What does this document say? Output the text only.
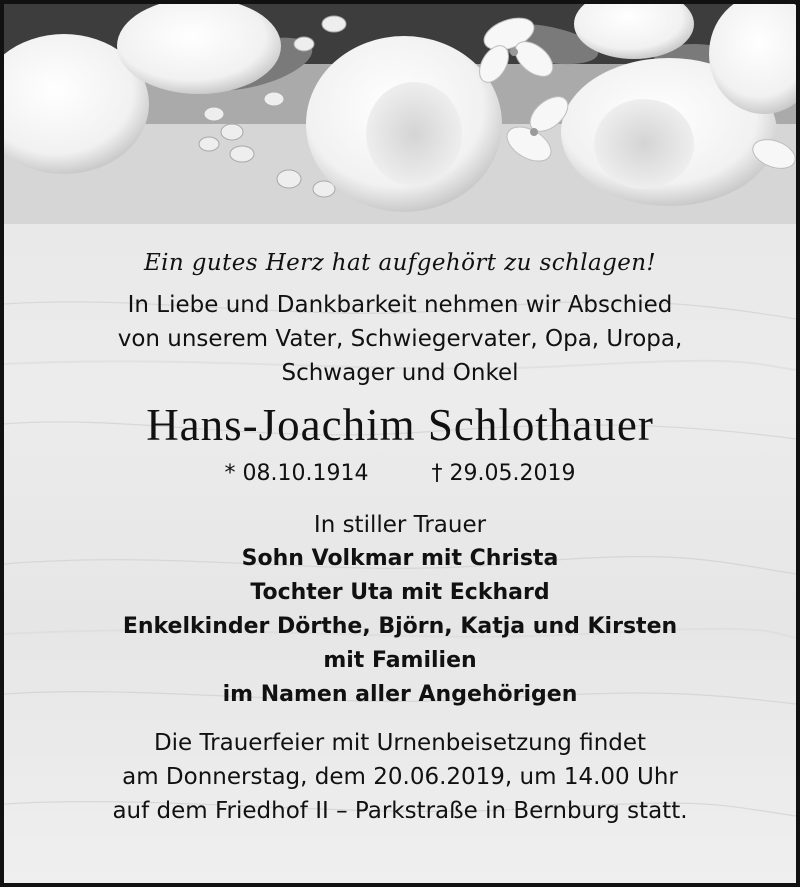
Ein gutes Herz hat aufgehört zu schlagen!

In Liebe und Dankbarkeit nehmen wir Abschied
von unserem Vater, Schwiegervater, Opa, Uropa,
Schwager und Onkel

Hans-Joachim Schlothauer

* 08.10.1914	† 29.05.2019

In stiller Trauer

Sohn Volkmar mit Christa
Tochter Uta mit Eckhard
Enkelkinder Dörthe, Björn, Katja und Kirsten
mit Familien
im Namen aller Angehörigen

Die Trauerfeier mit Urnenbeisetzung findet
am Donnerstag, dem 20.06.2019, um 14.00 Uhr
auf dem Friedhof II – Parkstraße in Bernburg statt.
